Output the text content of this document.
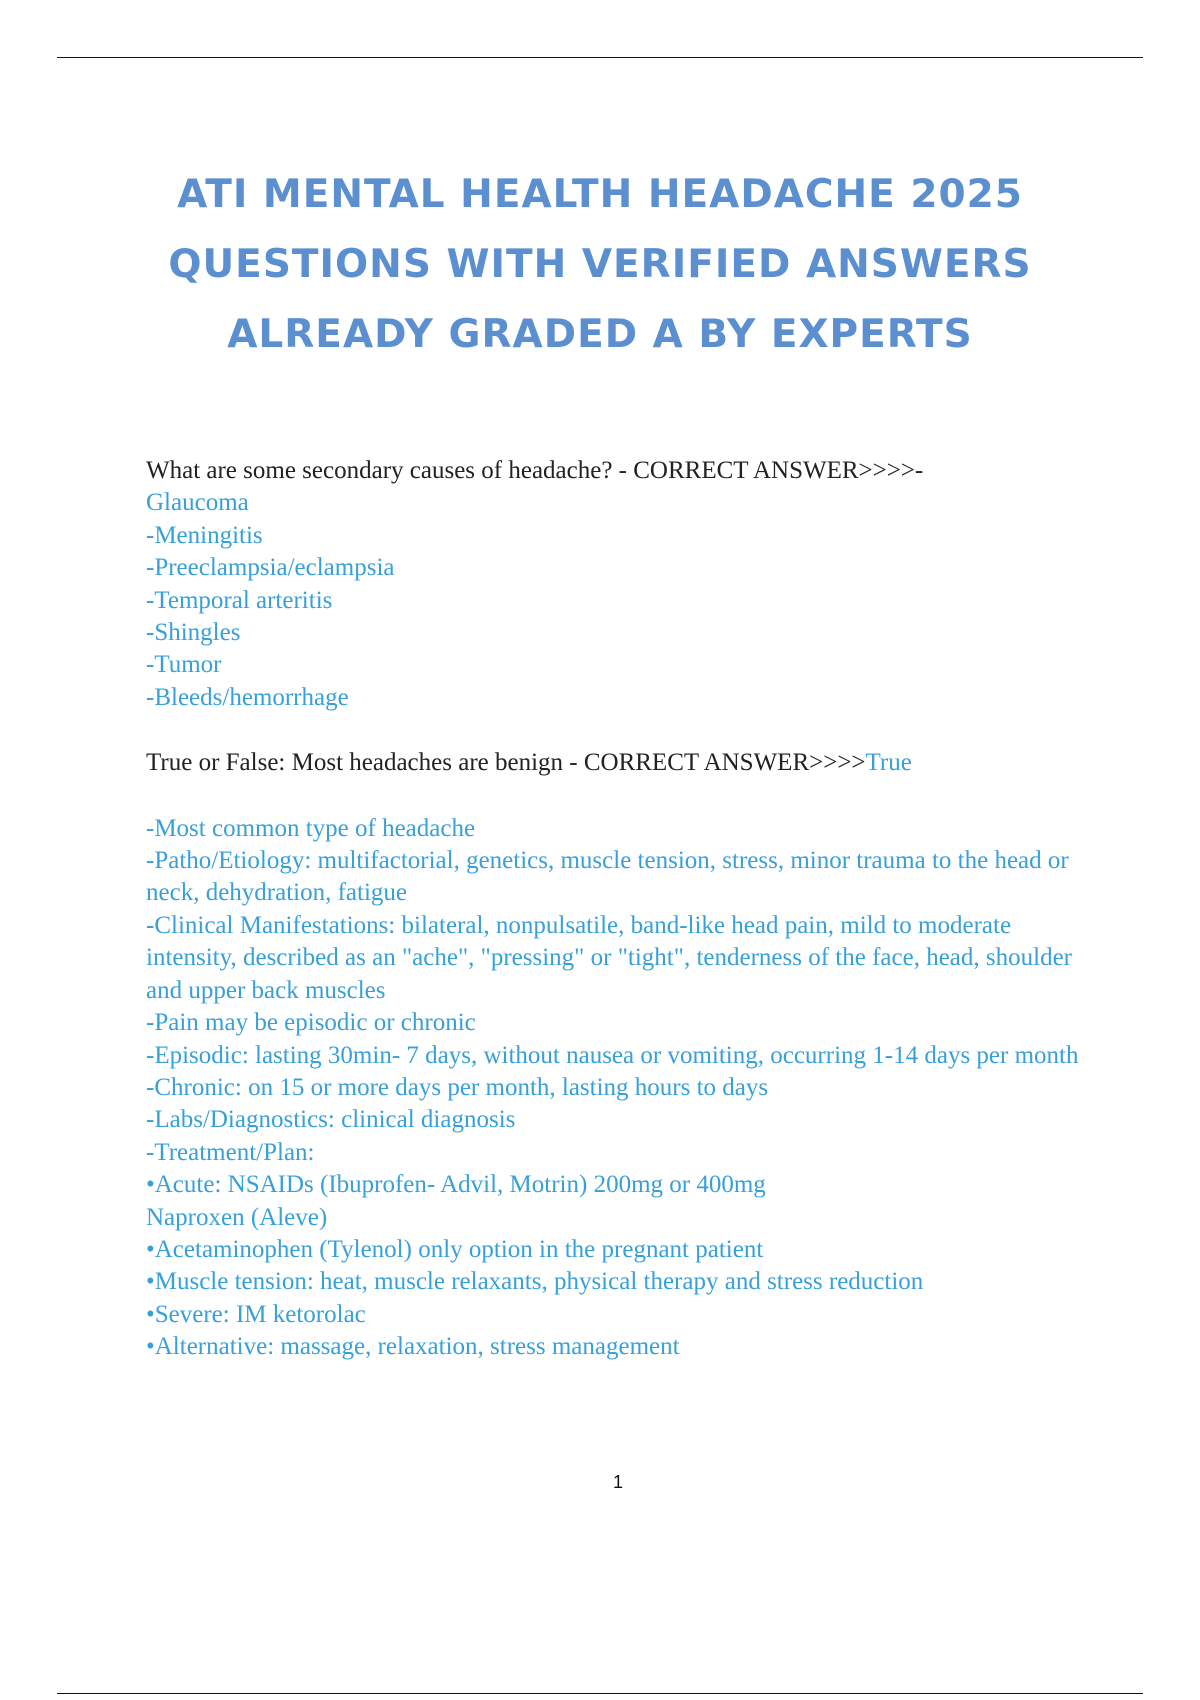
ATI MENTAL HEALTH HEADACHE 2025
QUESTIONS WITH VERIFIED ANSWERS
ALREADY GRADED A BY EXPERTS
What are some secondary causes of headache? - CORRECT ANSWER>>>>-
Glaucoma
-Meningitis
-Preeclampsia/eclampsia
-Temporal arteritis
-Shingles
-Tumor
-Bleeds/hemorrhage
True or False: Most headaches are benign - CORRECT ANSWER>>>>True
-Most common type of headache
-Patho/Etiology: multifactorial, genetics, muscle tension, stress, minor trauma to the head or neck, dehydration, fatigue
-Clinical Manifestations: bilateral, nonpulsatile, band-like head pain, mild to moderate intensity, described as an "ache", "pressing" or "tight", tenderness of the face, head, shoulder and upper back muscles
-Pain may be episodic or chronic
-Episodic: lasting 30min- 7 days, without nausea or vomiting, occurring 1-14 days per month
-Chronic: on 15 or more days per month, lasting hours to days
-Labs/Diagnostics: clinical diagnosis
-Treatment/Plan:
•Acute: NSAIDs (Ibuprofen- Advil, Motrin) 200mg or 400mg
Naproxen (Aleve)
•Acetaminophen (Tylenol) only option in the pregnant patient
•Muscle tension: heat, muscle relaxants, physical therapy and stress reduction
•Severe: IM ketorolac
•Alternative: massage, relaxation, stress management
1
